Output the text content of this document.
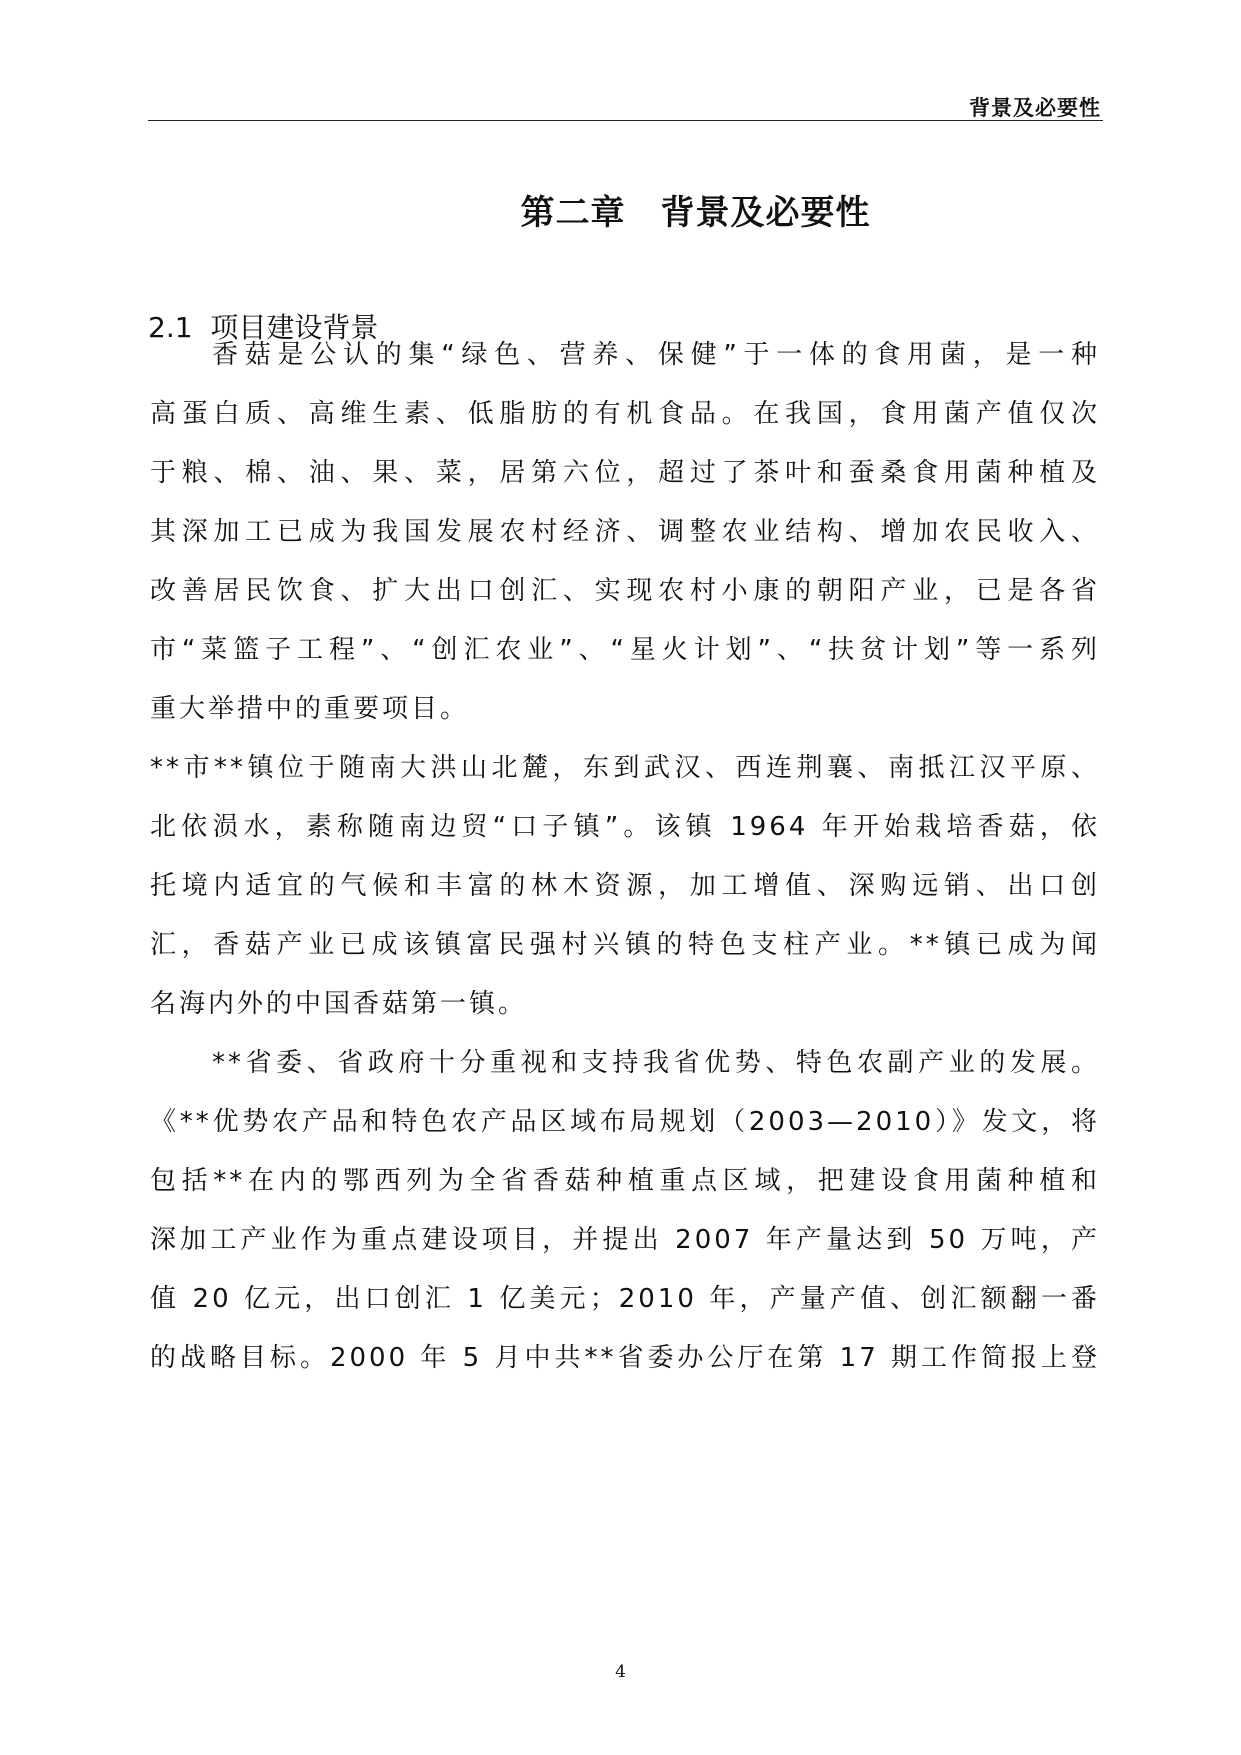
背景及必要性
第二章　背景及必要性
2.1  项目建设背景
香菇是公认的集“绿色、营养、保健”于一体的食用菌，是一种
高蛋白质、高维生素、低脂肪的有机食品。在我国，食用菌产值仅次
于粮、棉、油、果、菜，居第六位，超过了茶叶和蚕桑食用菌种植及
其深加工已成为我国发展农村经济、调整农业结构、增加农民收入、
改善居民饮食、扩大出口创汇、实现农村小康的朝阳产业，已是各省
市“菜篮子工程”、“创汇农业”、“星火计划”、“扶贫计划”等一系列
重大举措中的重要项目。
**市**镇位于随南大洪山北麓，东到武汉、西连荆襄、南抵江汉平原、
北依涢水，素称随南边贸“口子镇”。该镇 1964 年开始栽培香菇，依
托境内适宜的气候和丰富的林木资源，加工增值、深购远销、出口创
汇，香菇产业已成该镇富民强村兴镇的特色支柱产业。**镇已成为闻
名海内外的中国香菇第一镇。
**省委、省政府十分重视和支持我省优势、特色农副产业的发展。
《**优势农产品和特色农产品区域布局规划（2003—2010）》发文，将
包括**在内的鄂西列为全省香菇种植重点区域，把建设食用菌种植和
深加工产业作为重点建设项目，并提出 2007 年产量达到 50 万吨，产
值 20 亿元，出口创汇 1 亿美元；2010 年，产量产值、创汇额翻一番
的战略目标。2000 年 5 月中共**省委办公厅在第 17 期工作简报上登
4
